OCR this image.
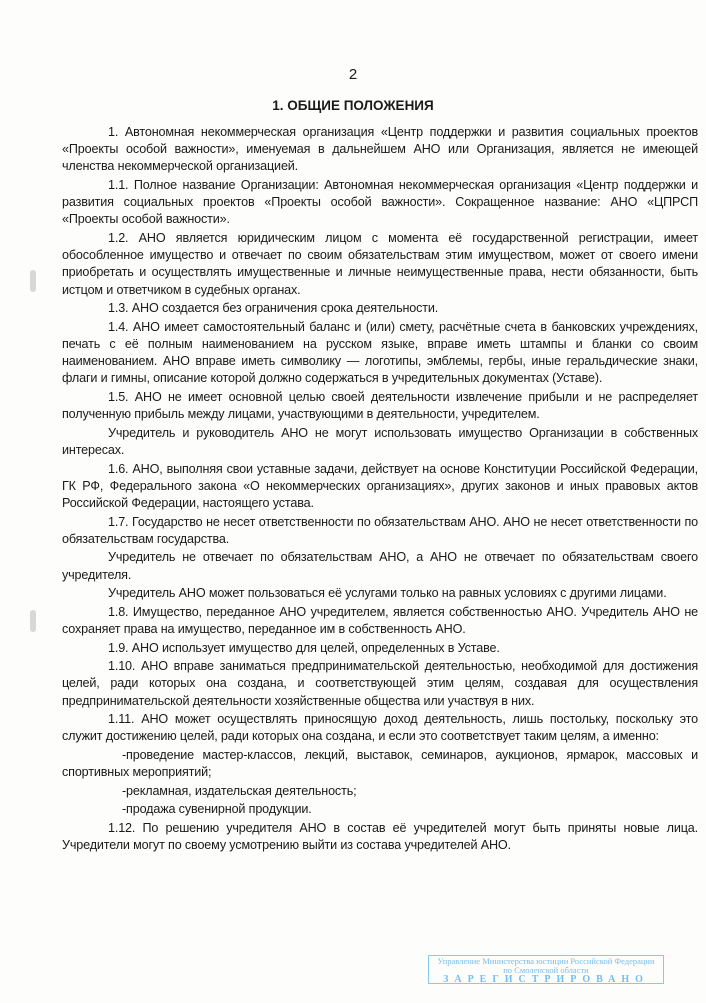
2
1. ОБЩИЕ ПОЛОЖЕНИЯ

1. Автономная некоммерческая организация «Центр поддержки и развития социальных проектов «Проекты особой важности», именуемая в дальнейшем АНО или Организация, является не имеющей членства некоммерческой организацией.

1.1. Полное название Организации: Автономная некоммерческая организация «Центр поддержки и развития социальных проектов «Проекты особой важности». Сокращенное название: АНО «ЦПРСП «Проекты особой важности».

1.2. АНО является юридическим лицом с момента её государственной регистрации, имеет обособленное имущество и отвечает по своим обязательствам этим имуществом, может от своего имени приобретать и осуществлять имущественные и личные неимущественные права, нести обязанности, быть истцом и ответчиком в судебных органах.

1.3. АНО создается без ограничения срока деятельности.

1.4. АНО имеет самостоятельный баланс и (или) смету, расчётные счета в банковских учреждениях, печать с её полным наименованием на русском языке, вправе иметь штампы и бланки со своим наименованием. АНО вправе иметь символику — логотипы, эмблемы, гербы, иные геральдические знаки, флаги и гимны, описание которой должно содержаться в учредительных документах (Уставе).

1.5. АНО не имеет основной целью своей деятельности извлечение прибыли и не распределяет полученную прибыль между лицами, участвующими в деятельности, учредителем.

Учредитель и руководитель АНО не могут использовать имущество Организации в собственных интересах.

1.6. АНО, выполняя свои уставные задачи, действует на основе Конституции Российской Федерации, ГК РФ, Федерального закона «О некоммерческих организациях», других законов и иных правовых актов Российской Федерации, настоящего устава.

1.7. Государство не несет ответственности по обязательствам АНО. АНО не несет ответственности по обязательствам государства.

Учредитель не отвечает по обязательствам АНО, а АНО не отвечает по обязательствам своего учредителя.

Учредитель АНО может пользоваться её услугами только на равных условиях с другими лицами.

1.8. Имущество, переданное АНО учредителем, является собственностью АНО. Учредитель АНО не сохраняет права на имущество, переданное им в собственность АНО.

1.9. АНО использует имущество для целей, определенных в Уставе.

1.10. АНО вправе заниматься предпринимательской деятельностью, необходимой для достижения целей, ради которых она создана, и соответствующей этим целям, создавая для осуществления предпринимательской деятельности хозяйственные общества или участвуя в них.

1.11. АНО может осуществлять приносящую доход деятельность, лишь постольку, поскольку это служит достижению целей, ради которых она создана, и если это соответствует таким целям, а именно:

-проведение мастер-классов, лекций, выставок, семинаров, аукционов, ярмарок, массовых и спортивных мероприятий;

-рекламная, издательская деятельность;

-продажа сувенирной продукции.

1.12. По решению учредителя АНО в состав её учредителей могут быть приняты новые лица. Учредители могут по своему усмотрению выйти из состава учредителей АНО.

Управление Министерства юстиции Российской Федерации
по Смоленской области
ЗАРЕГИСТРИРОВАНО
